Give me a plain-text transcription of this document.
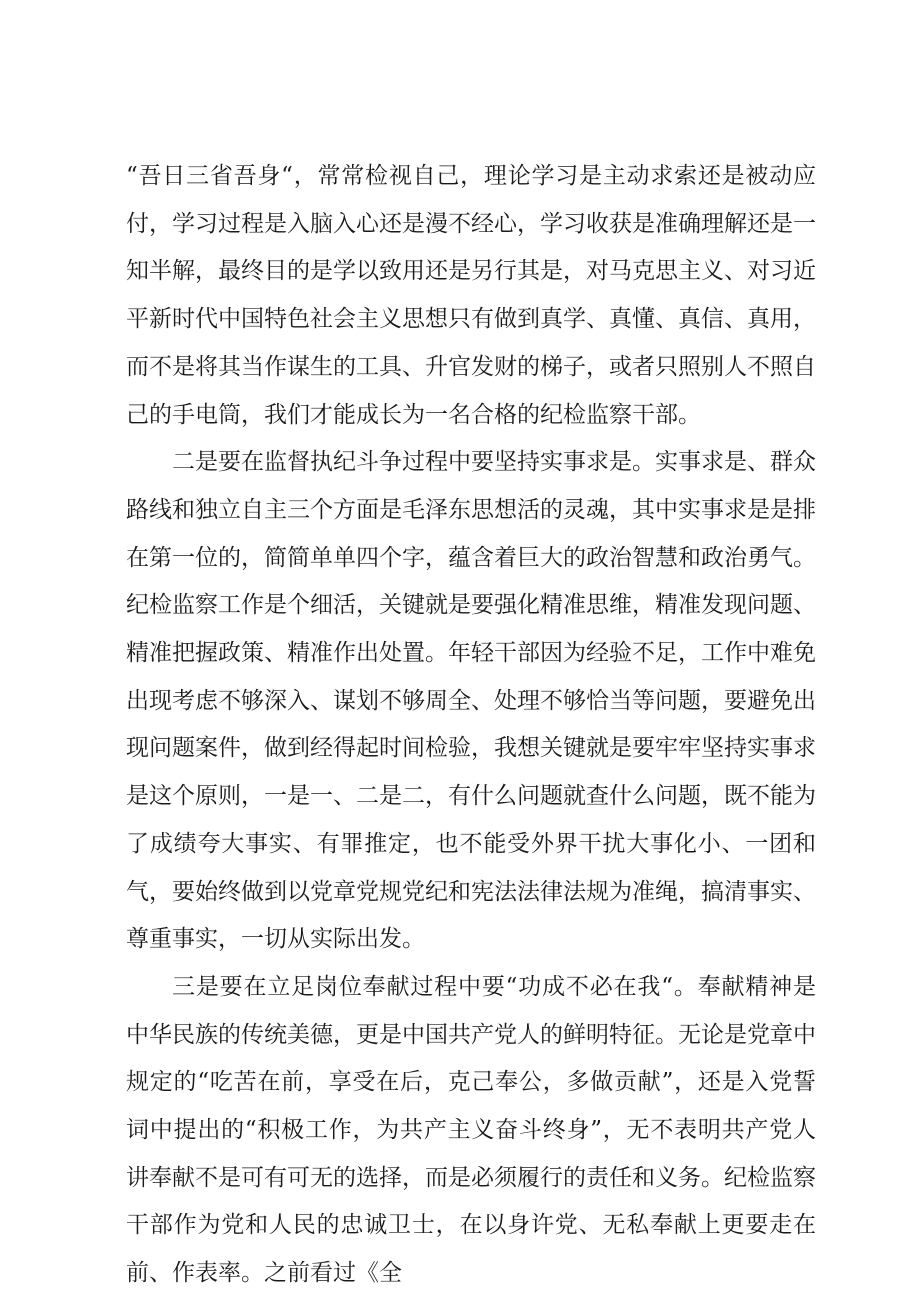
“吾日三省吾身“，常常检视自己，理论学习是主动求索还是被动应付，学习过程是入脑入心还是漫不经心，学习收获是准确理解还是一知半解，最终目的是学以致用还是另行其是，对马克思主义、对习近平新时代中国特色社会主义思想只有做到真学、真懂、真信、真用，而不是将其当作谋生的工具、升官发财的梯子，或者只照别人不照自己的手电筒，我们才能成长为一名合格的纪检监察干部。

二是要在监督执纪斗争过程中要坚持实事求是。实事求是、群众路线和独立自主三个方面是毛泽东思想活的灵魂，其中实事求是是排在第一位的，简简单单四个字，蕴含着巨大的政治智慧和政治勇气。纪检监察工作是个细活，关键就是要强化精准思维，精准发现问题、精准把握政策、精准作出处置。年轻干部因为经验不足，工作中难免出现考虑不够深入、谋划不够周全、处理不够恰当等问题，要避免出现问题案件，做到经得起时间检验，我想关键就是要牢牢坚持实事求是这个原则，一是一、二是二，有什么问题就查什么问题，既不能为了成绩夸大事实、有罪推定，也不能受外界干扰大事化小、一团和气，要始终做到以党章党规党纪和宪法法律法规为准绳，搞清事实、尊重事实，一切从实际出发。

三是要在立足岗位奉献过程中要“功成不必在我“。奉献精神是中华民族的传统美德，更是中国共产党人的鲜明特征。无论是党章中规定的“吃苦在前，享受在后，克己奉公，多做贡献”，还是入党誓词中提出的“积极工作，为共产主义奋斗终身”，无不表明共产党人讲奉献不是可有可无的选择，而是必须履行的责任和义务。纪检监察干部作为党和人民的忠诚卫士，在以身许党、无私奉献上更要走在前、作表率。之前看过《全
